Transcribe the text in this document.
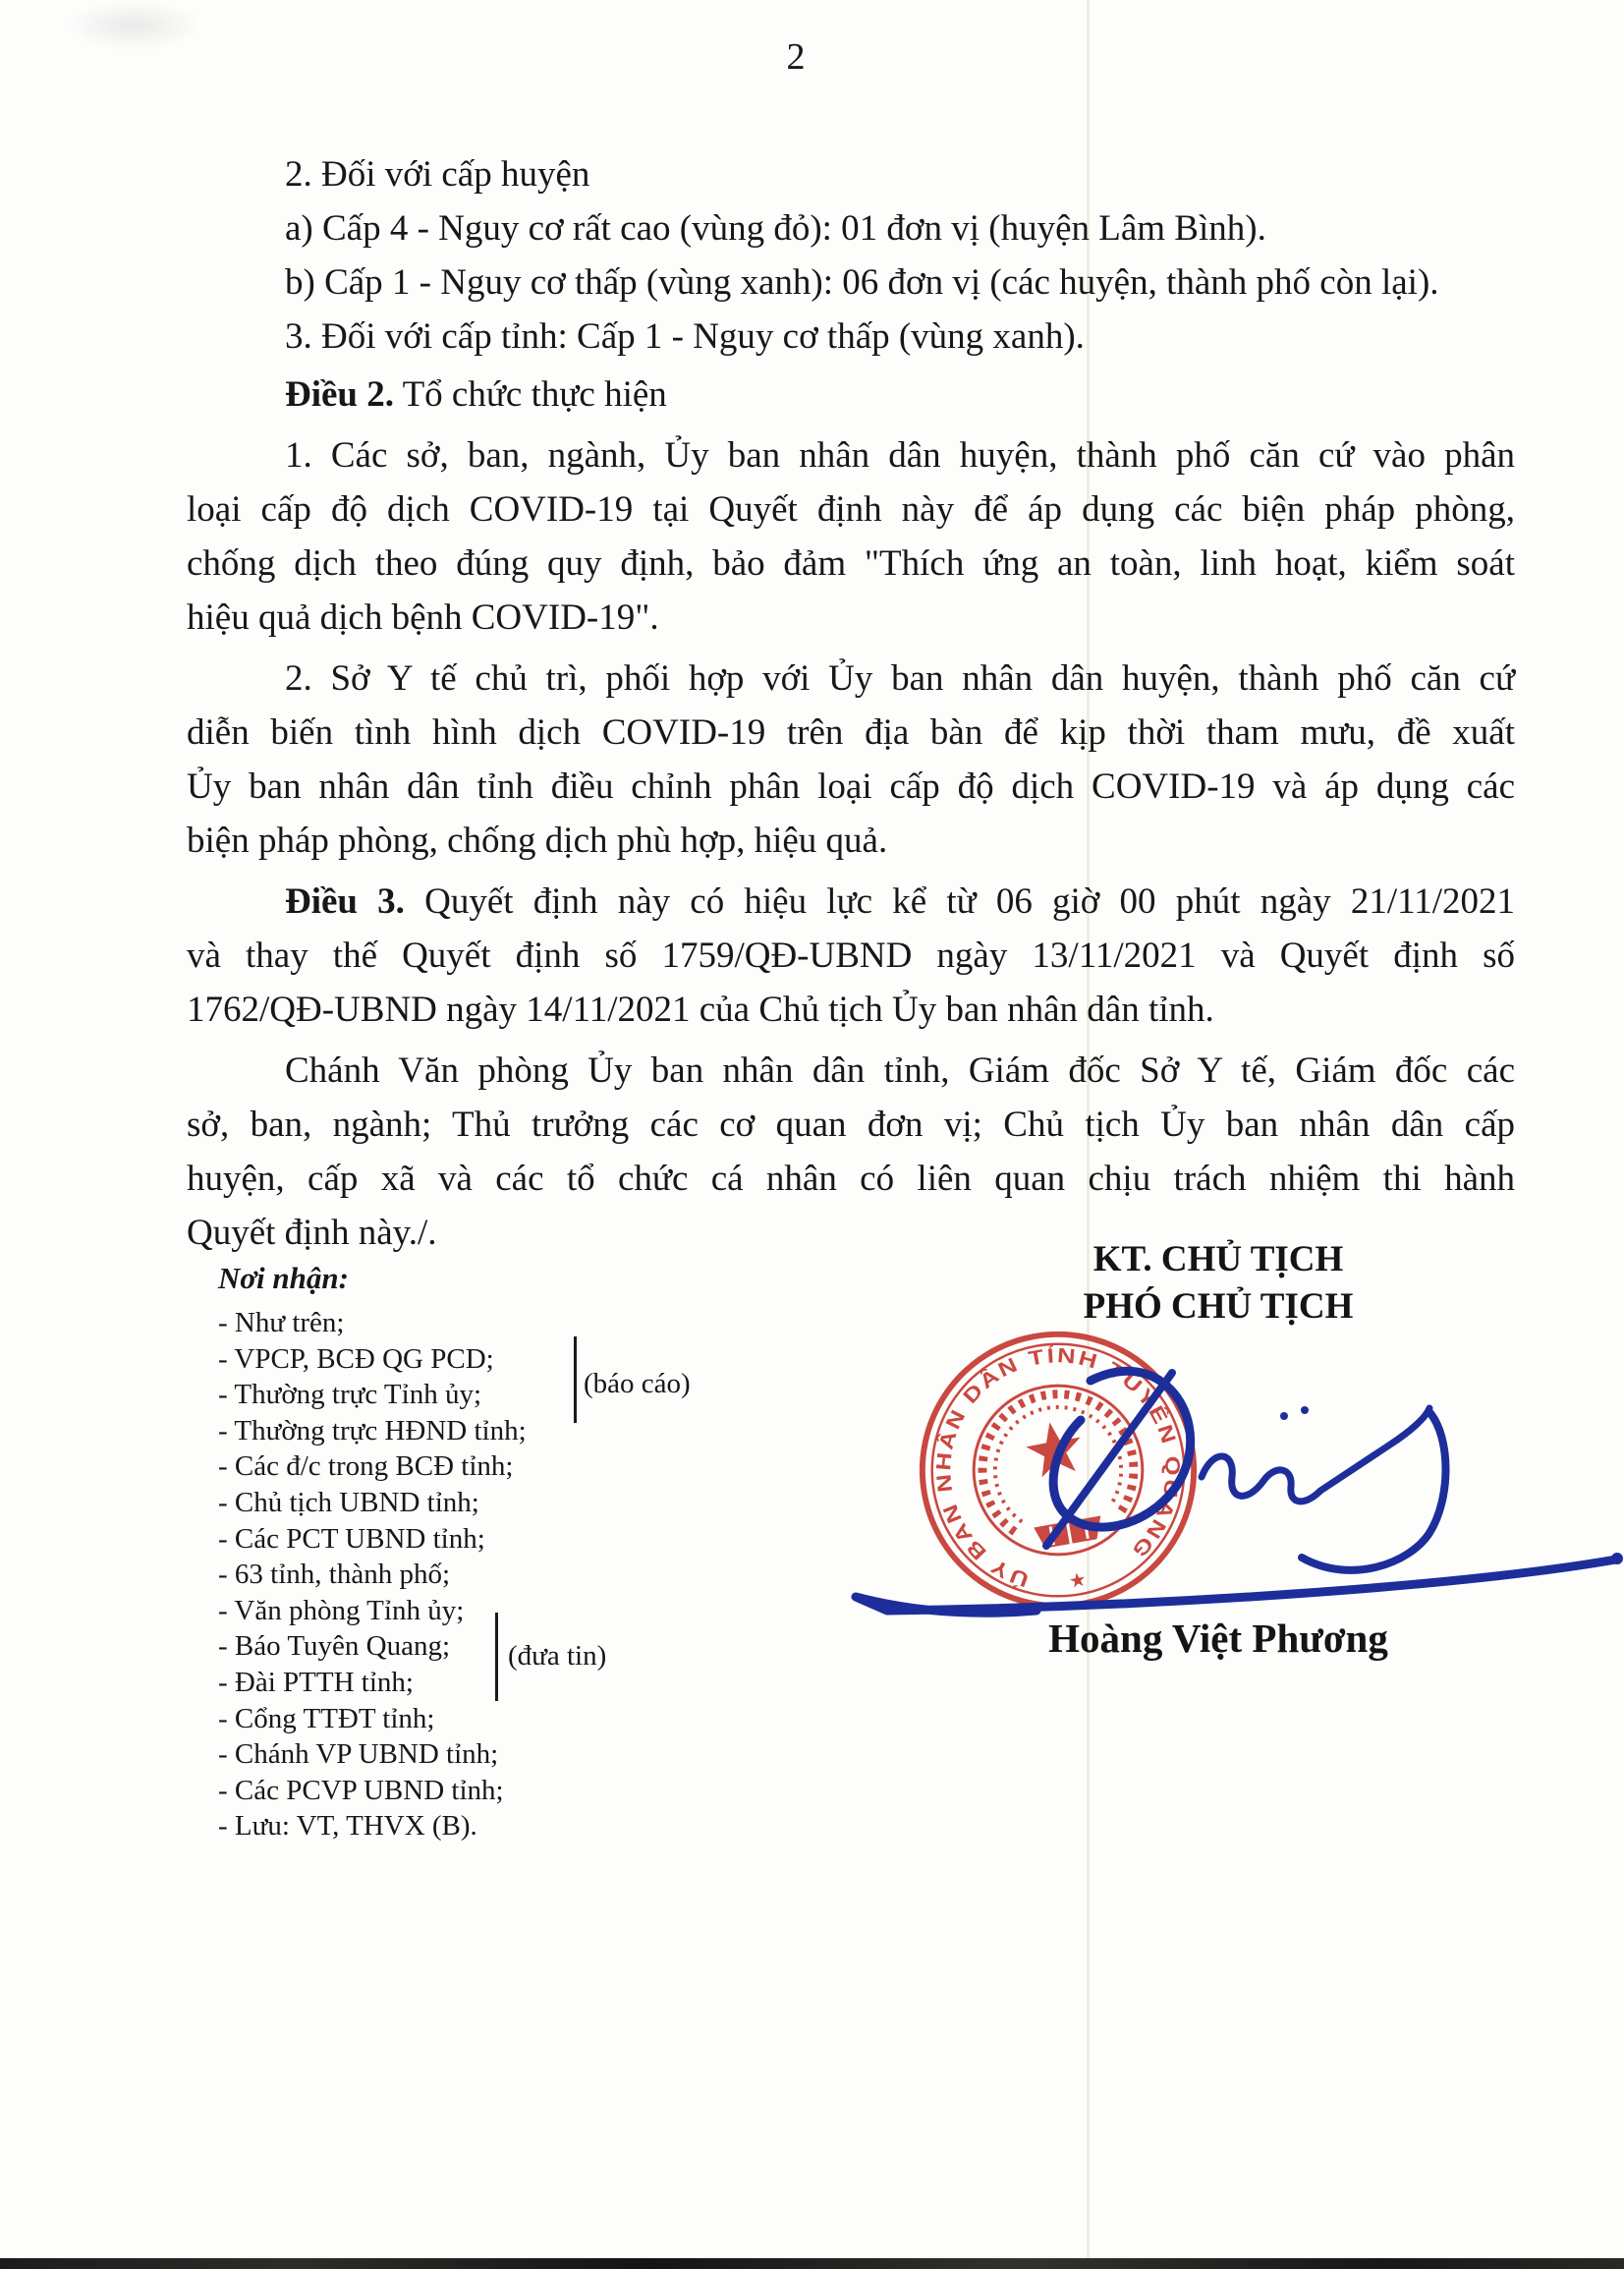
2
2. Đối với cấp huyện
a) Cấp 4 - Nguy cơ rất cao (vùng đỏ): 01 đơn vị (huyện Lâm Bình).
b) Cấp 1 - Nguy cơ thấp (vùng xanh): 06 đơn vị (các huyện, thành phố còn lại).
3. Đối với cấp tỉnh: Cấp 1 - Nguy cơ thấp (vùng xanh).
Điều 2. Tổ chức thực hiện
1. Các sở, ban, ngành, Ủy ban nhân dân huyện, thành phố căn cứ vào phân
loại cấp độ dịch COVID-19 tại Quyết định này để áp dụng các biện pháp phòng,
chống dịch theo đúng quy định, bảo đảm "Thích ứng an toàn, linh hoạt, kiểm soát
hiệu quả dịch bệnh COVID-19".
2. Sở Y tế chủ trì, phối hợp với Ủy ban nhân dân huyện, thành phố căn cứ
diễn biến tình hình dịch COVID-19 trên địa bàn để kịp thời tham mưu, đề xuất
Ủy ban nhân dân tỉnh điều chỉnh phân loại cấp độ dịch COVID-19 và áp dụng các
biện pháp phòng, chống dịch phù hợp, hiệu quả.
Điều 3. Quyết định này có hiệu lực kể từ 06 giờ 00 phút ngày 21/11/2021
và thay thế Quyết định số 1759/QĐ-UBND ngày 13/11/2021 và Quyết định số
1762/QĐ-UBND ngày 14/11/2021 của Chủ tịch Ủy ban nhân dân tỉnh.
Chánh Văn phòng Ủy ban nhân dân tỉnh, Giám đốc Sở Y tế, Giám đốc các
sở, ban, ngành; Thủ trưởng các cơ quan đơn vị; Chủ tịch Ủy ban nhân dân cấp
huyện, cấp xã và các tổ chức cá nhân có liên quan chịu trách nhiệm thi hành
Quyết định này./.
Nơi nhận:
- Như trên;
- VPCP, BCĐ QG PCD;
- Thường trực Tỉnh ủy;
- Thường trực HĐND tỉnh;
- Các đ/c trong BCĐ tỉnh;
- Chủ tịch UBND tỉnh;
- Các PCT UBND tỉnh;
- 63 tỉnh, thành phố;
- Văn phòng Tỉnh ủy;
- Báo Tuyên Quang;
- Đài PTTH tỉnh;
- Cổng TTĐT tỉnh;
- Chánh VP UBND tỉnh;
- Các PCVP UBND tỉnh;
- Lưu: VT, THVX (B).
(báo cáo)
(đưa tin)
KT. CHỦ TỊCH
PHÓ CHỦ TỊCH
ỦY BAN NHÂN DÂN TỈNH TUYÊN QUANG
★
Hoàng Việt Phương
